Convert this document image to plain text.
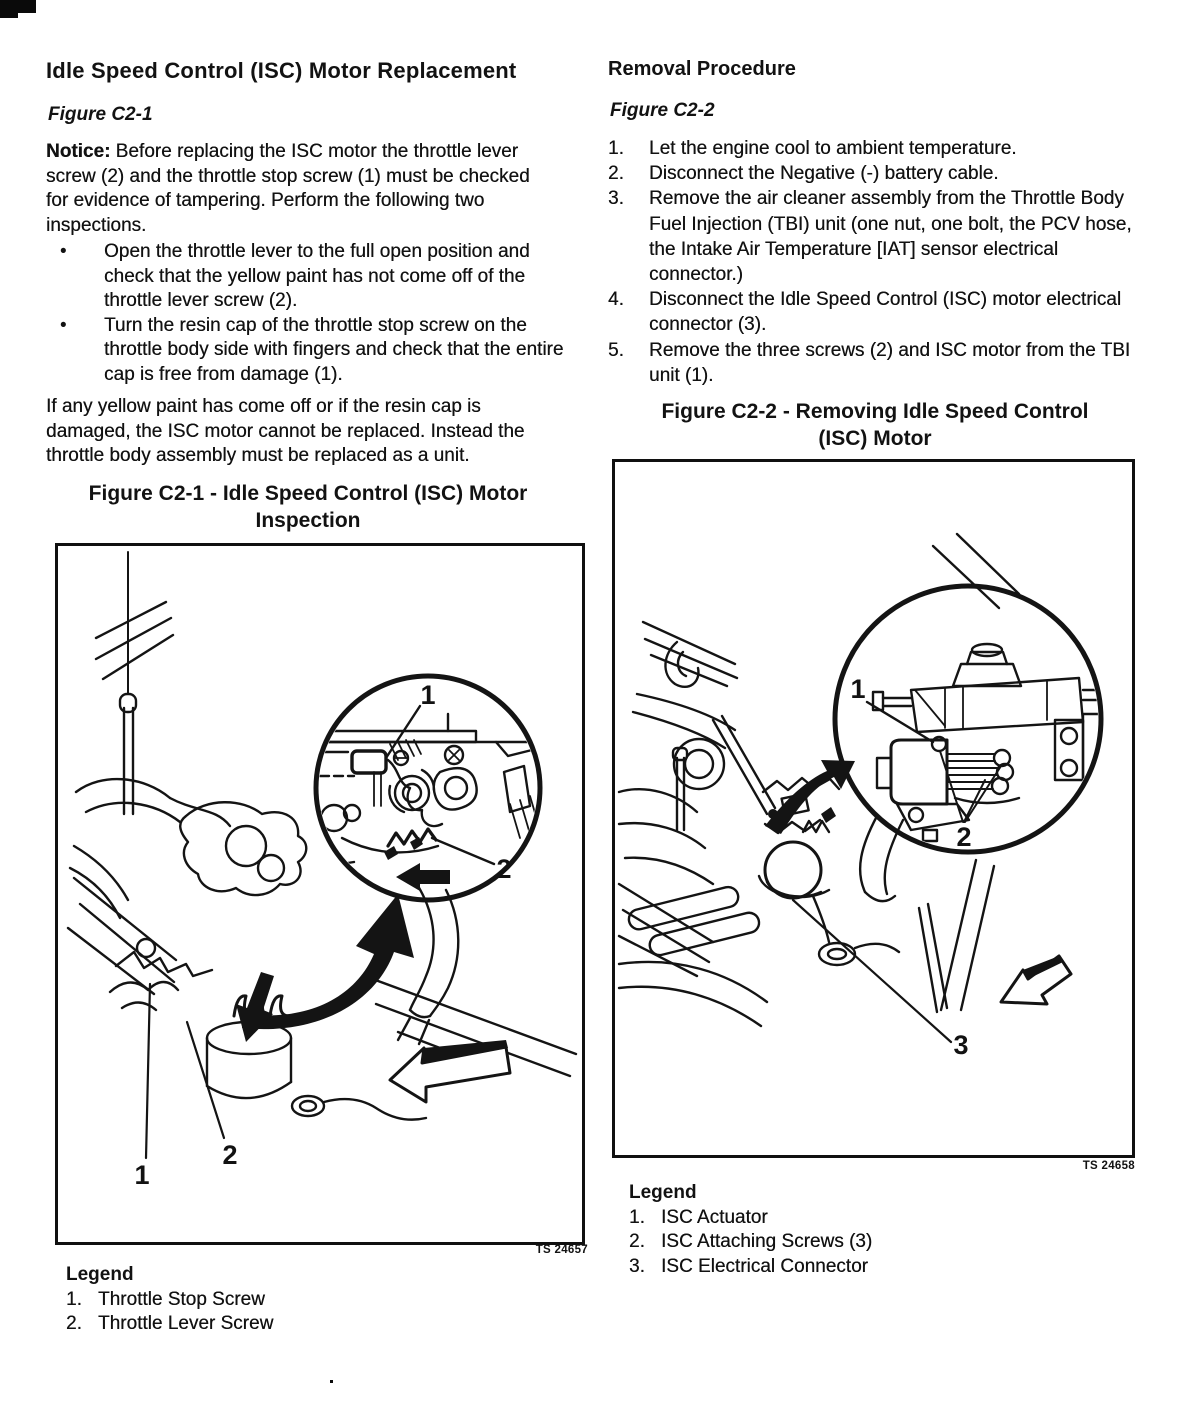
Idle Speed Control (ISC) Motor Replacement
Figure C2-1
Notice: Before replacing the ISC motor the throttle lever screw (2) and the throttle stop screw (1) must be checked for evidence of tampering. Perform the following two inspections.
•	Open the throttle lever to the full open position and check that the yellow paint has not come off of the throttle lever screw (2).
•	Turn the resin cap of the throttle stop screw on the throttle body side with fingers and check that the entire cap is free from damage (1).
If any yellow paint has come off or if the resin cap is damaged, the ISC motor cannot be replaced. Instead the throttle body assembly must be replaced as a unit.
Figure C2-1 - Idle Speed Control (ISC) Motor Inspection
1
2
1
2
TS 24657
Legend
1. Throttle Stop Screw
2. Throttle Lever Screw
Removal Procedure
Figure C2-2
1.	Let the engine cool to ambient temperature.
2.	Disconnect the Negative (-) battery cable.
3.	Remove the air cleaner assembly from the Throttle Body Fuel Injection (TBI) unit (one nut, one bolt, the PCV hose, the Intake Air Temperature [IAT] sensor electrical connector.)
4.	Disconnect the Idle Speed Control (ISC) motor electrical connector (3).
5.	Remove the three screws (2) and ISC motor from the TBI unit (1).
Figure C2-2 - Removing Idle Speed Control (ISC) Motor
1
2
3
TS 24658
Legend
1. ISC Actuator
2. ISC Attaching Screws (3)
3. ISC Electrical Connector
